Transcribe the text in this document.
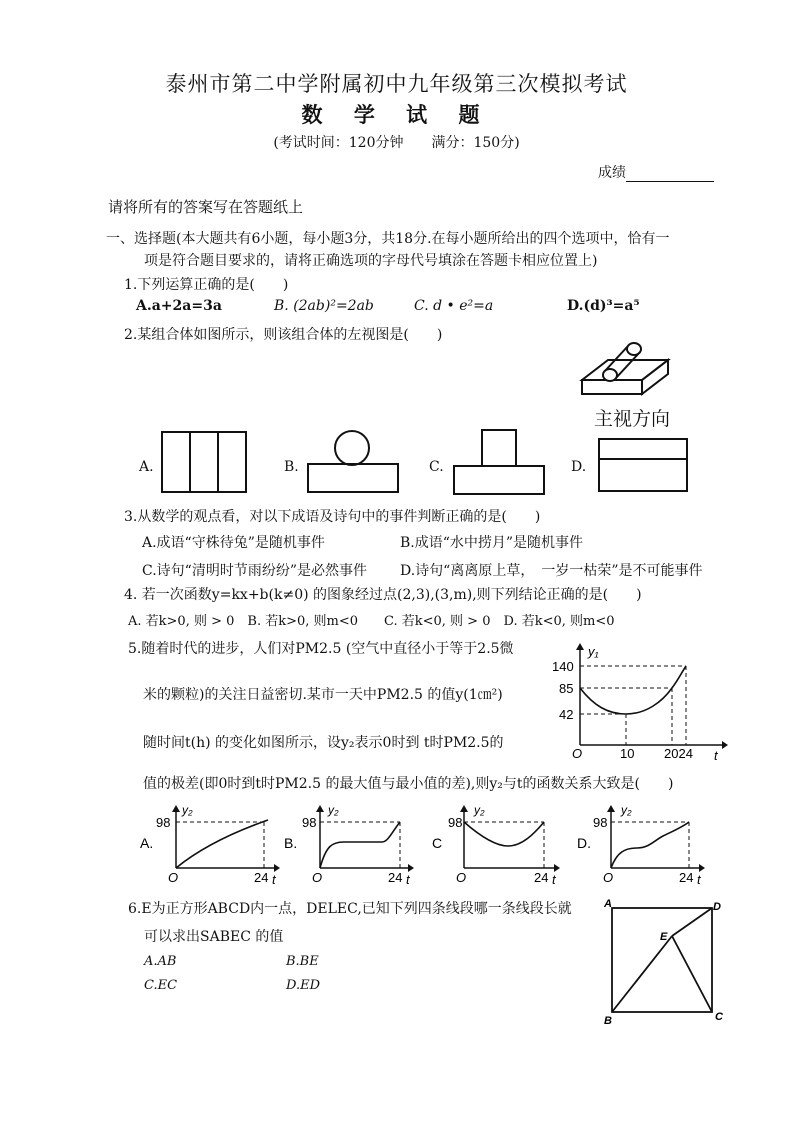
泰州市第二中学附属初中九年级第三次模拟考试
数 学 试 题
(考试时间：120分钟　　满分：150分)
成绩
请将所有的答案写在答题纸上
一、选择题(本大题共有6小题，每小题3分，共18分.在每小题所给出的四个选项中，恰有一
项是符合题目要求的，请将正确选项的字母代号填涂在答题卡相应位置上)
1.下列运算正确的是(　　)
A.a+2a=3a	B. (2ab)²=2ab	C. d • e²=a	D.(d)³=a⁵
2.某组合体如图所示，则该组合体的左视图是(　　)
主视方向
A.	B.	C.	D.
3.从数学的观点看，对以下成语及诗句中的事件判断正确的是(　　)
A.成语“守株待兔”是随机事件	B.成语“水中捞月”是随机事件
C.诗句“清明时节雨纷纷”是必然事件 D.诗句“离离原上草，　一岁一枯荣”是不可能事件
4. 若一次函数y=kx+b(k≠0) 的图象经过点(2,3),(3,m),则下列结论正确的是(　　)
A. 若k>0, 则 > 0　B. 若k>0, 则m<0　　C. 若k<0, 则 > 0　D. 若k<0, 则m<0
5.随着时代的进步，人们对PM2.5 (空气中直径小于等于2.5微
米的颗粒)的关注日益密切.某市一天中PM2.5 的值y(1㎝²)
随时间t(h) 的变化如图所示，设y₂表示0时到 t时PM2.5的
值的极差(即0时到t时PM2.5 的最大值与最小值的差),则y₂与t的函数关系大致是(　　)
y₁
140
85
42
O	10 2024 t
A.
y₂
98
O	24 t
B.
y₂
98
O	24 t
C
y₂
98
O	24 t
D.
y₂
98
O	24 t
6.E为正方形ABCD内一点，DELEC,已知下列四条线段哪一条线段长就
可以求出SABEC 的值
A.AB	B.BE
C.EC	D.ED
A	D
E
B	C
